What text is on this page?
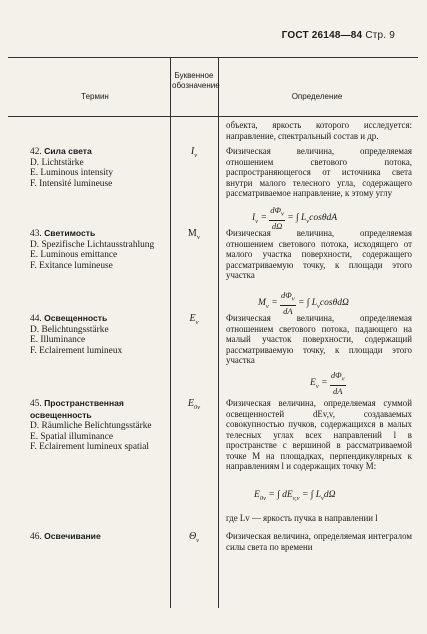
ГОСТ 26148—84 Стр. 9
Термин
Буквенное обозначение
Определение
объекта, яркость которого исследуется: направление, спектральный состав и др.
42. Сила света
D. Lichtstärke
E. Luminous intensity
F. Intensité lumineuse
$I_v$	Физическая величина, определяемая отношением светового потока, распространяющегося от источника света внутри малого телесного угла, содержащего рассматриваемое направление, к этому углу
$I_v = \frac{d\Phi_v}{d\Omega}$ = ∫ $L_v\cos\theta dA$
43. Светимость
D. Spezifische Lichtausstrahlung
E. Luminous emittance
F. Exitance lumineuse
$M_v$	Физическая величина, определяемая отношением светового потока, исходящего от малого участка поверхности, содержащего рассматриваемую точку, к площади этого участка
$M_v = \frac{d\Phi_v}{dA}$ = ∫ $L_v\cos\theta d\Omega$
44. Освещенность
D. Belichtungsstärke
E. Illuminance
F. Eclairement lumineux
$E_v$	Физическая величина, определяемая отношением светового потока, падающего на малый участок поверхности, содержащий рассматриваемую точку, к площади этого участка
$E_v = \frac{d\Phi_v}{dA}$
45. Пространственная освещенность
D. Räumliche Belichtungsstärke
E. Spatial illuminance
F. Eclairement lumineux spatial
$E_{0v}$	Физическая величина, определяемая суммой освещенностей dEv,v, создаваемых совокупностью пучков, содержащихся в малых телесных углах всех направлений l в пространстве с вершиной в рассматриваемой точке M на площадках, перпендикулярных к направлениям l и содержащих точку M:
$E_{0v}$ = ∫ $dE_{v,v}$ = ∫ $L_vd\Omega$
где Lv — яркость пучка в направлении l
46. Освечивание	$\Theta_v$	Физическая величина, определяемая интегралом силы света по времени
